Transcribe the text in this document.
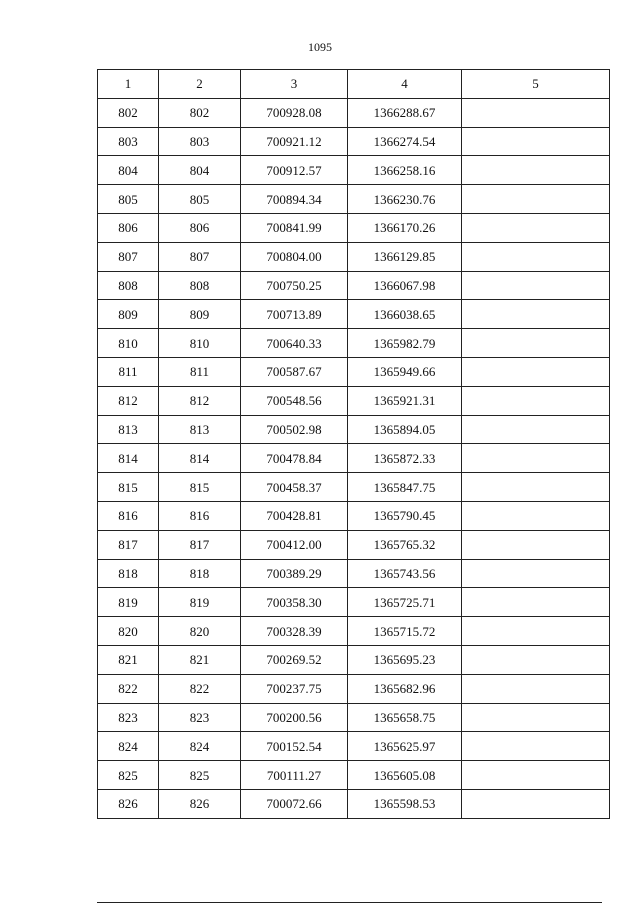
1095
1	2	3	4	5
802	802	700928.08	1366288.67	
803	803	700921.12	1366274.54	
804	804	700912.57	1366258.16	
805	805	700894.34	1366230.76	
806	806	700841.99	1366170.26	
807	807	700804.00	1366129.85	
808	808	700750.25	1366067.98	
809	809	700713.89	1366038.65	
810	810	700640.33	1365982.79	
811	811	700587.67	1365949.66	
812	812	700548.56	1365921.31	
813	813	700502.98	1365894.05	
814	814	700478.84	1365872.33	
815	815	700458.37	1365847.75	
816	816	700428.81	1365790.45	
817	817	700412.00	1365765.32	
818	818	700389.29	1365743.56	
819	819	700358.30	1365725.71	
820	820	700328.39	1365715.72	
821	821	700269.52	1365695.23	
822	822	700237.75	1365682.96	
823	823	700200.56	1365658.75	
824	824	700152.54	1365625.97	
825	825	700111.27	1365605.08	
826	826	700072.66	1365598.53	
